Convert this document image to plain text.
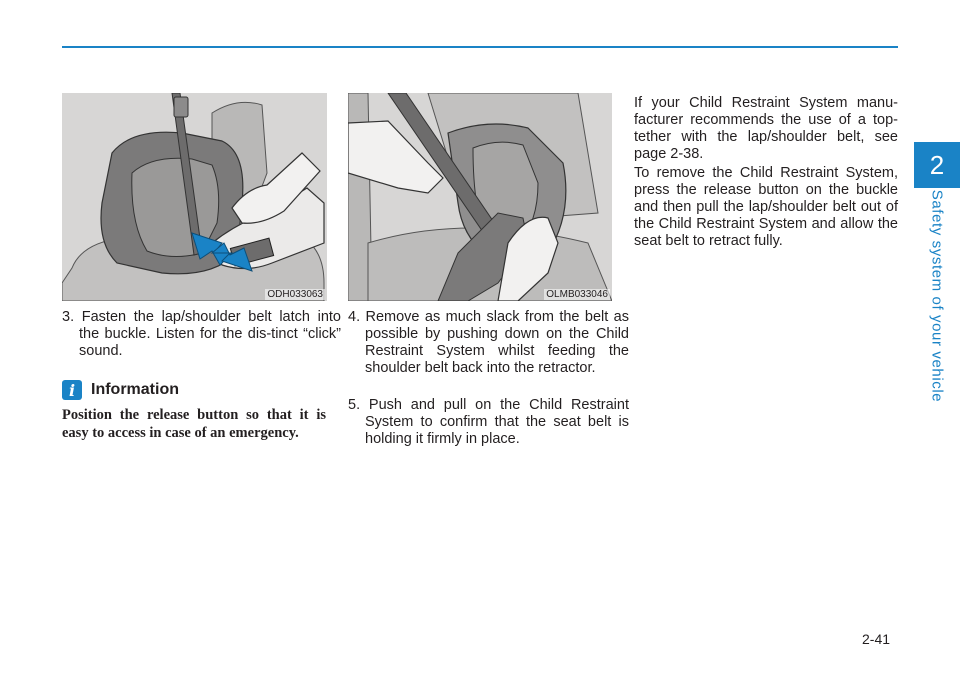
2
Safety system of your vehicle
ODH033063	OLMB033046
3. Fasten the lap/shoulder belt latch into the buckle. Listen for the dis-tinct “click” sound.
i Information
Position the release button so that it is easy to access in case of an emergency.
4. Remove as much slack from the belt as possible by pushing down on the Child Restraint System whilst feeding the shoulder belt back into the retractor.
5. Push and pull on the Child Restraint System to confirm that the seat belt is holding it firmly in place.
If your Child Restraint System manu-facturer recommends the use of a top-tether with the lap/shoulder belt, see page 2-38.
To remove the Child Restraint System, press the release button on the buckle and then pull the lap/shoulder belt out of the Child Restraint System and allow the seat belt to retract fully.
2-41
